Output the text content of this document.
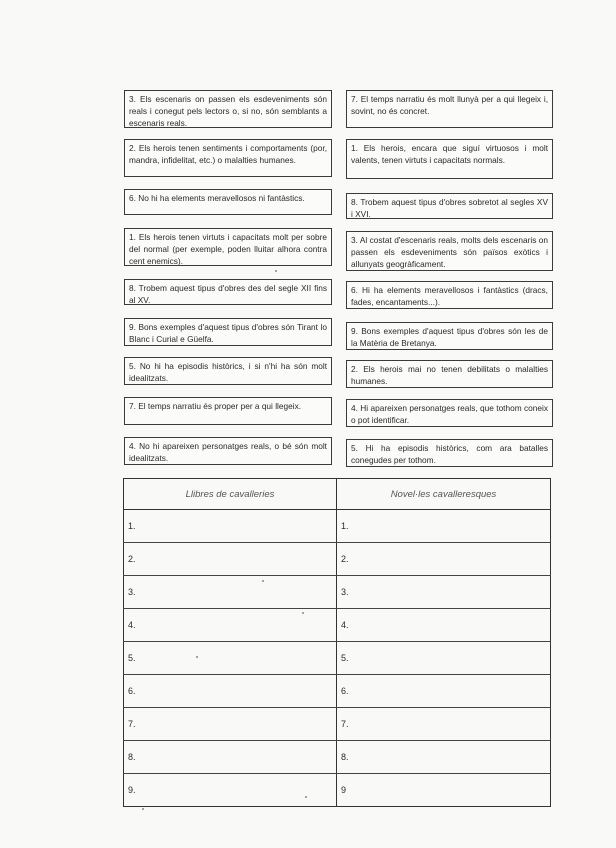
3. Els escenaris on passen els esdeveniments són reals i conegut pels lectors o, si no, són semblants a escenaris reals.
2. Els herois tenen sentiments i comportaments (por, mandra, infidelitat, etc.) o malalties humanes.
6. No hi ha elements meravellosos ni fantàstics.
1. Els herois tenen virtuts i capacitats molt per sobre del normal (per exemple, poden lluitar alhora contra cent enemics).
8. Trobem aquest tipus d'obres des del segle XII fins al XV.
9. Bons exemples d'aquest tipus d'obres són Tirant lo Blanc i Curial e Güelfa.
5. No hi ha episodis històrics, i si n'hi ha són molt idealitzats.
7. El temps narratiu és proper per a qui llegeix.
4. No hi apareixen personatges reals, o bé són molt idealitzats.
7. El temps narratiu és molt llunyà per a qui llegeix i, sovint, no és concret.
1. Els herois, encara que siguí virtuosos i molt valents, tenen virtuts i capacitats normals.
8. Trobem aquest tipus d'obres sobretot al segles XV i XVI.
3. Al costat d'escenaris reals, molts dels escenaris on passen els esdeveniments són països exòtics i allunyats geogràficament.
6. Hi ha elements meravellosos i fantàstics (dracs, fades, encantaments...).
9. Bons exemples d'aquest tipus d'obres són les de la Matèria de Bretanya.
2. Els herois mai no tenen debilitats o malalties humanes.
4. Hi apareixen personatges reals, que tothom coneix o pot identificar.
5. Hi ha episodis històrics, com ara batalles conegudes per tothom.
Llibres de cavalleries	Novel·les cavalleresques
1.	1.
2.	2.
3.	3.
4.	4.
5.	5.
6.	6.
7.	7.
8.	8.
9.	9
